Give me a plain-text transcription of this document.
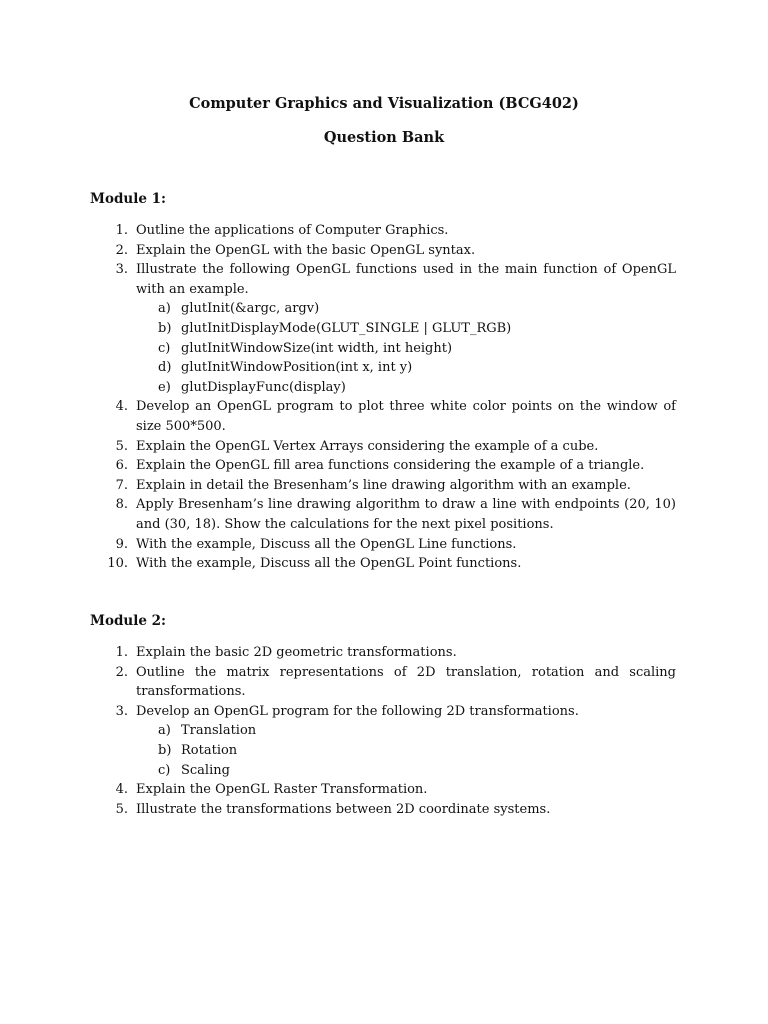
Computer Graphics and Visualization (BCG402)
Question Bank
Module 1:
1. Outline the applications of Computer Graphics.
2. Explain the OpenGL with the basic OpenGL syntax.
3. Illustrate the following OpenGL functions used in the main function of OpenGL with an example.
a) glutInit(&argc, argv)
b) glutInitDisplayMode(GLUT_SINGLE | GLUT_RGB)
c) glutInitWindowSize(int width, int height)
d) glutInitWindowPosition(int x, int y)
e) glutDisplayFunc(display)
4. Develop an OpenGL program to plot three white color points on the window of size 500*500.
5. Explain the OpenGL Vertex Arrays considering the example of a cube.
6. Explain the OpenGL fill area functions considering the example of a triangle.
7. Explain in detail the Bresenham’s line drawing algorithm with an example.
8. Apply Bresenham’s line drawing algorithm to draw a line with endpoints (20, 10) and (30, 18). Show the calculations for the next pixel positions.
9. With the example, Discuss all the OpenGL Line functions.
10. With the example, Discuss all the OpenGL Point functions.
Module 2:
1. Explain the basic 2D geometric transformations.
2. Outline the matrix representations of 2D translation, rotation and scaling transformations.
3. Develop an OpenGL program for the following 2D transformations.
a) Translation
b) Rotation
c) Scaling
4. Explain the OpenGL Raster Transformation.
5. Illustrate the transformations between 2D coordinate systems.
